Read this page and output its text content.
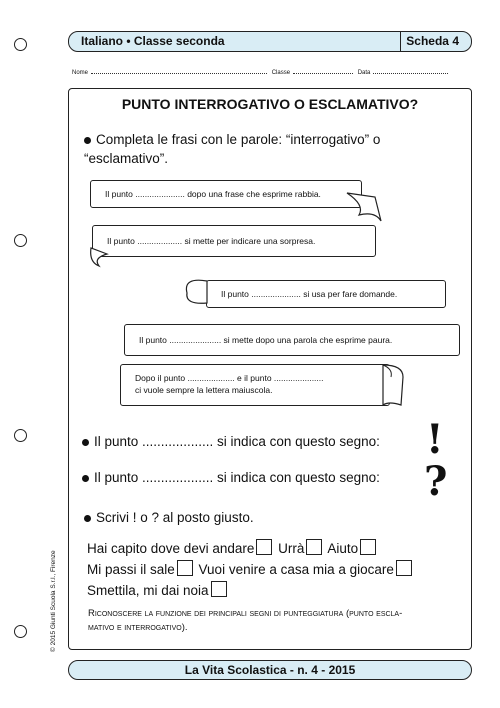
Italiano • Classe seconda	Scheda 4
Nome	Classe	Data
PUNTO INTERROGATIVO O ESCLAMATIVO?
Completa le frasi con le parole: “interrogativo” o
“esclamativo”.
Il punto ..................... dopo una frase che esprime rabbia.
Il punto ................... si mette per indicare una sorpresa.
Il punto ..................... si usa per fare domande.
Il punto ...................... si mette dopo una parola che esprime paura.
Dopo il punto .................... e il punto .....................
ci vuole sempre la lettera maiuscola.
Il punto ................... si indica con questo segno: !
Il punto ................... si indica con questo segno: ?
Scrivi ! o ? al posto giusto.
Hai capito dove devi andare Urrà Aiuto
Mi passi il sale Vuoi venire a casa mia a giocare
Smettila, mi dai noia
Riconoscere la funzione dei principali segni di punteggiatura (punto escla-
mativo e interrogativo).
© 2015 Giunti Scuola S.r.l., Firenze
La Vita Scolastica - n. 4 - 2015
